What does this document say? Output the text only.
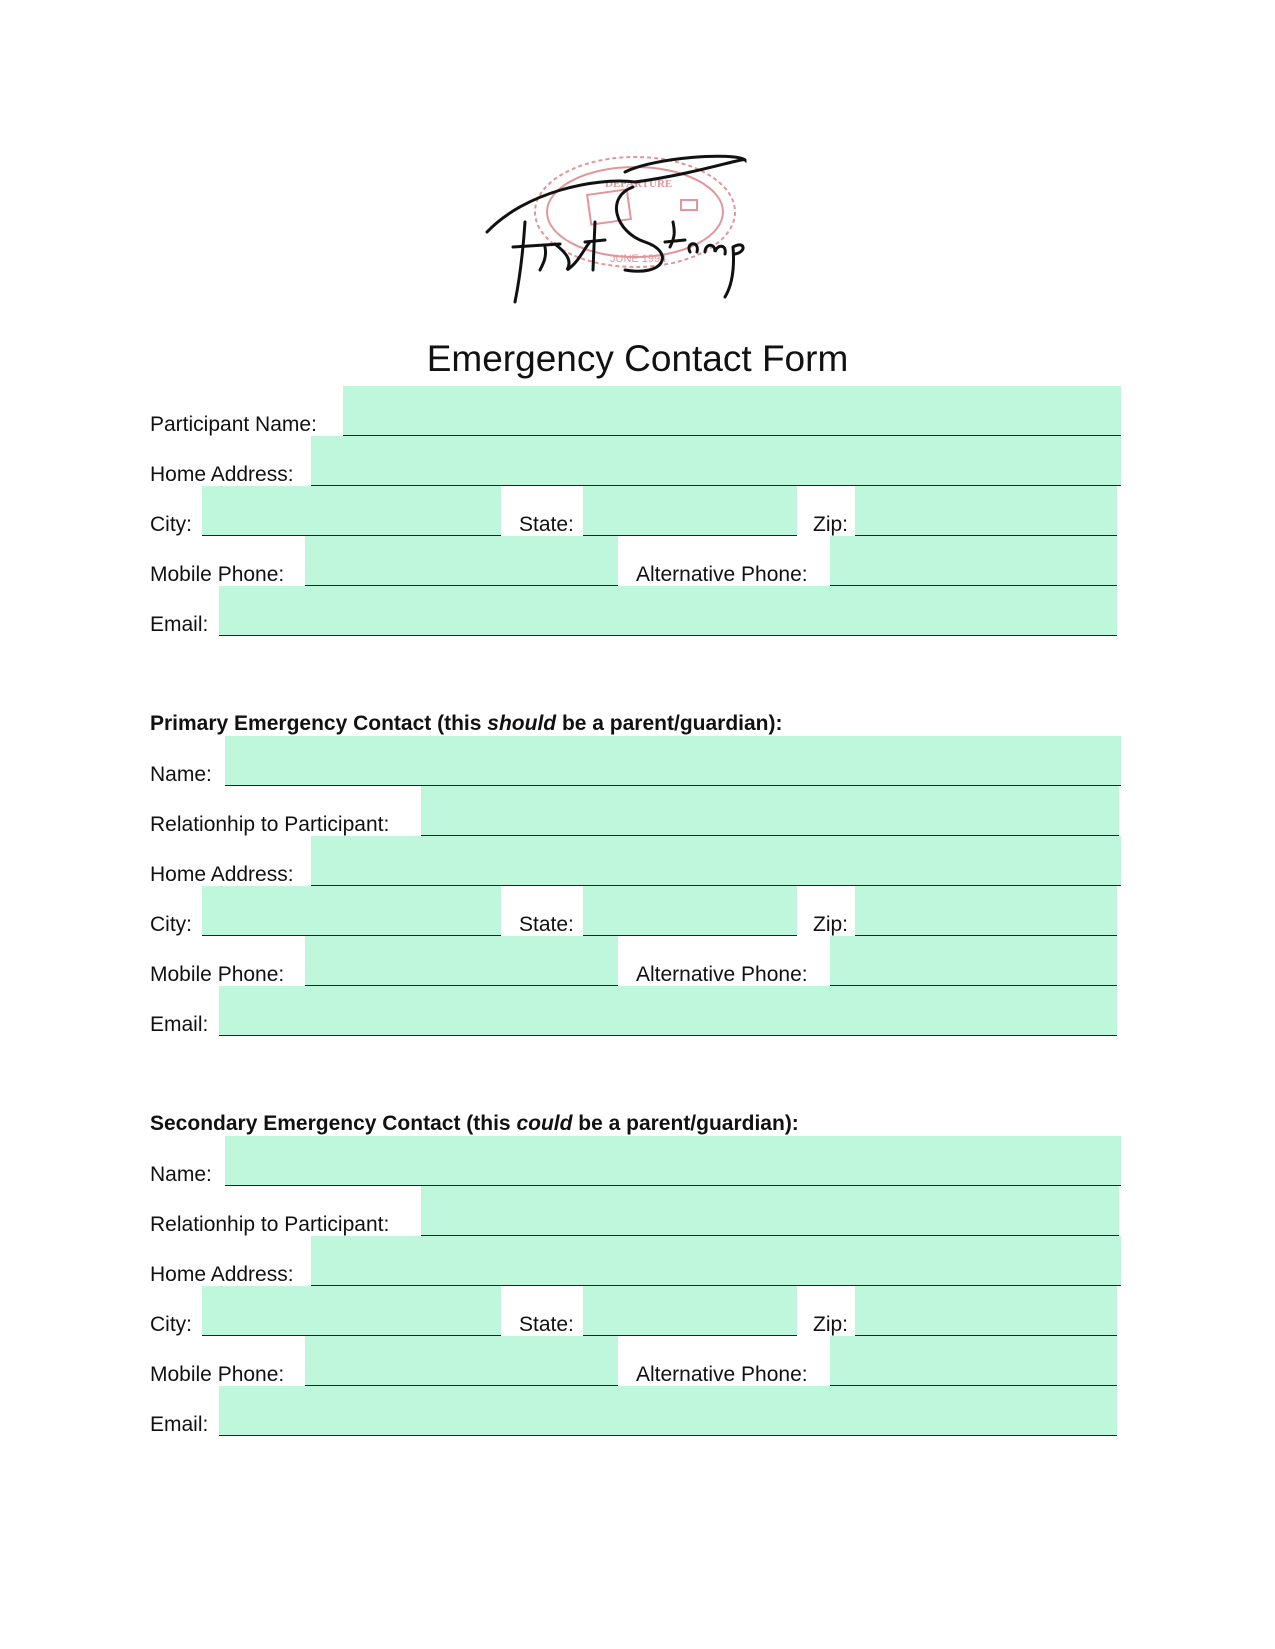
DEPARTURE
JUNE 1994
Emergency Contact Form
Participant Name:
Home Address:
City:	State:	Zip:
Mobile Phone:	Alternative Phone:
Email:
Primary Emergency Contact (this should be a parent/guardian):
Name:
Relationhip to Participant:
Home Address:
City:	State:	Zip:
Mobile Phone:	Alternative Phone:
Email:
Secondary Emergency Contact (this could be a parent/guardian):
Name:
Relationhip to Participant:
Home Address:
City:	State:	Zip:
Mobile Phone:	Alternative Phone:
Email:
